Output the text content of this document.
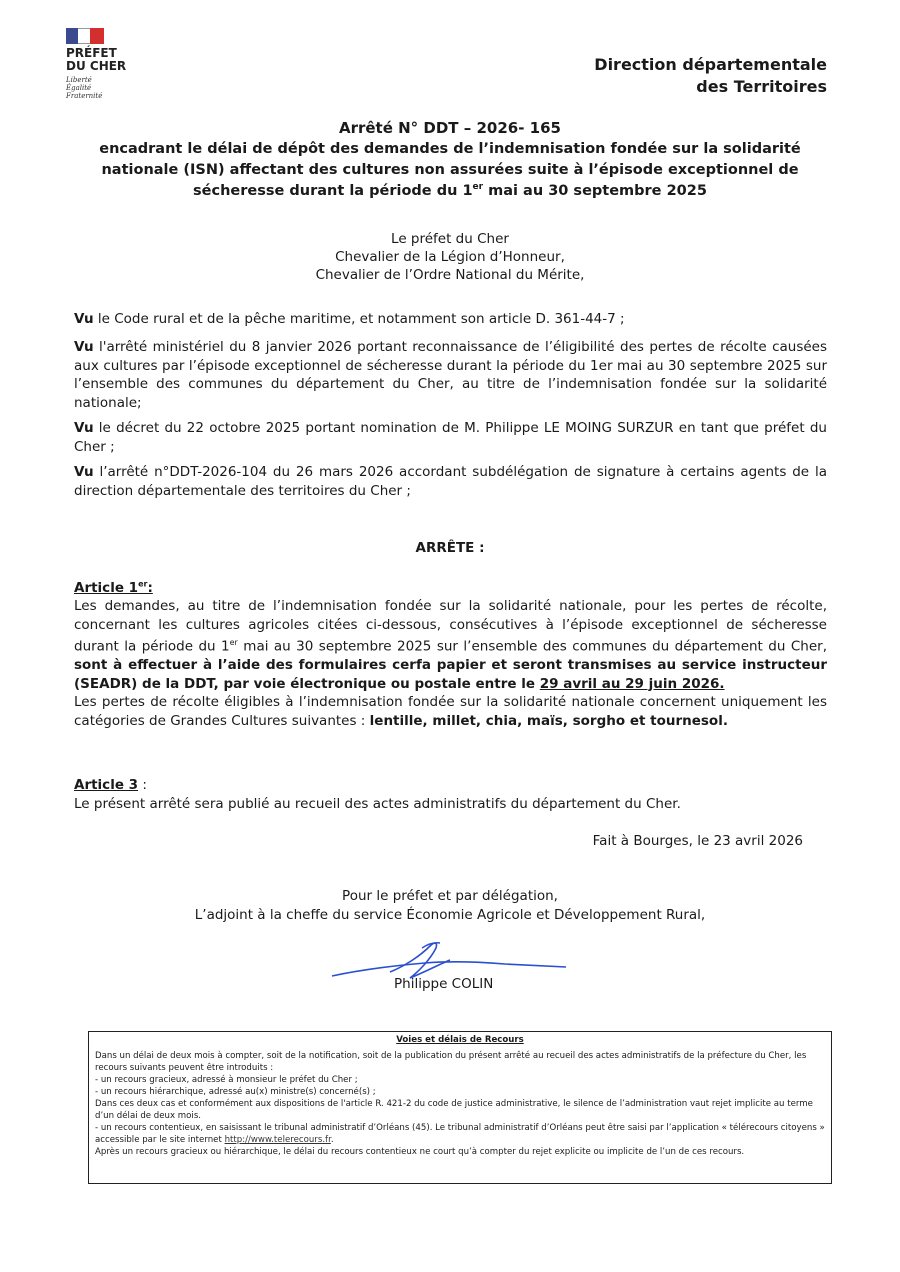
PRÉFET
DU CHER
Liberté
Égalité
Fraternité
Direction départementale
des Territoires
Arrêté N° DDT – 2026- 165
encadrant le délai de dépôt des demandes de l’indemnisation fondée sur la solidarité
nationale (ISN) affectant des cultures non assurées suite à l’épisode exceptionnel de
sécheresse durant la période du 1er mai au 30 septembre 2025
Le préfet du Cher
Chevalier de la Légion d’Honneur,
Chevalier de l’Ordre National du Mérite,

Vu le Code rural et de la pêche maritime, et notamment son article D. 361-44-7 ;

Vu l'arrêté ministériel du 8 janvier 2026 portant reconnaissance de l’éligibilité des pertes de récolte causées aux cultures par l’épisode exceptionnel de sécheresse durant la période du 1er mai au 30 septembre 2025 sur l’ensemble des communes du département du Cher, au titre de l’indemnisation fondée sur la solidarité nationale;

Vu le décret du 22 octobre 2025 portant nomination de M. Philippe LE MOING SURZUR en tant que préfet du Cher ;

Vu l’arrêté n°DDT-2026-104 du 26 mars 2026 accordant subdélégation de signature à certains agents de la direction départementale des territoires du Cher ;

ARRÊTE :

Article 1er:

Les demandes, au titre de l’indemnisation fondée sur la solidarité nationale, pour les pertes de récolte, concernant les cultures agricoles citées ci-dessous, consécutives à l’épisode exceptionnel de sécheresse durant la période du 1er mai au 30 septembre 2025 sur l’ensemble des communes du département du Cher, sont à effectuer à l’aide des formulaires cerfa papier et seront transmises au service instructeur (SEADR) de la DDT, par voie électronique ou postale entre le 29 avril au 29 juin 2026.

Les pertes de récolte éligibles à l’indemnisation fondée sur la solidarité nationale concernent uniquement les catégories de Grandes Cultures suivantes : lentille, millet, chia, maïs, sorgho et tournesol.

Article 3 :

Le présent arrêté sera publié au recueil des actes administratifs du département du Cher.

Fait à Bourges, le 23 avril 2026
Pour le préfet et par délégation,
L’adjoint à la cheffe du service Économie Agricole et Développement Rural,
Philippe COLIN
Voies et délais de Recours

Dans un délai de deux mois à compter, soit de la notification, soit de la publication du présent arrêté au recueil des actes administratifs de la préfecture du Cher, les recours suivants peuvent être introduits :

- un recours gracieux, adressé à monsieur le préfet du Cher ;

- un recours hiérarchique, adressé au(x) ministre(s) concerné(s) ;

Dans ces deux cas et conformément aux dispositions de l'article R. 421-2 du code de justice administrative, le silence de l’administration vaut rejet implicite au terme d’un délai de deux mois.

- un recours contentieux, en saisissant le tribunal administratif d’Orléans (45). Le tribunal administratif d’Orléans peut être saisi par l’application « télérecours citoyens » accessible par le site internet http://www.telerecours.fr.

Après un recours gracieux ou hiérarchique, le délai du recours contentieux ne court qu’à compter du rejet explicite ou implicite de l’un de ces recours.
